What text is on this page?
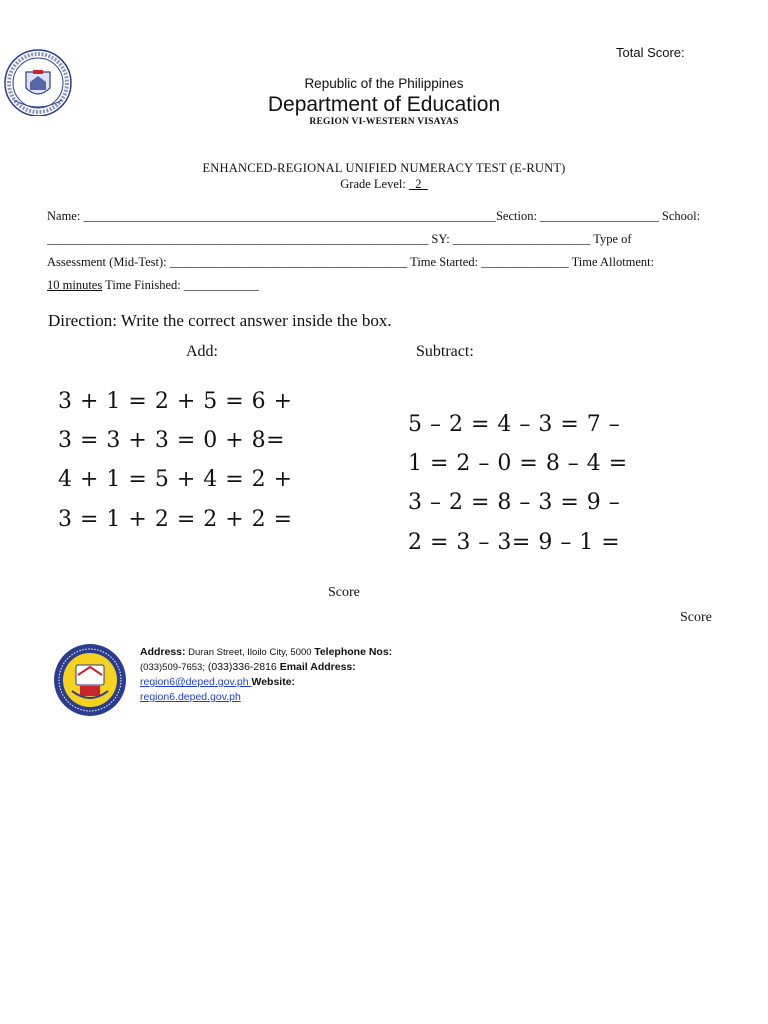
Total Score:
Republic of the Philippines
Department of Education
REGION VI-WESTERN VISAYAS
ENHANCED-REGIONAL UNIFIED NUMERACY TEST (E-RUNT)
Grade Level: _2_
Name: __________________________________________________________________Section: ___________________ School:
_____________________________________________________________ SY: ______________________ Type of
Assessment (Mid-Test): ______________________________________ Time Started: ______________ Time Allotment:
10 minutes Time Finished: ____________
Direction: Write the correct answer inside the box.
Add:	Subtract:
3 + 1 = 2 + 5 = 6 +
3 = 3 + 3 = 0 + 8=
4 + 1 = 5 + 4 = 2 +
3 = 1 + 2 = 2 + 2 =
5 – 2 = 4 – 3 = 7 –
1 = 2 – 0 = 8 – 4 =
3 – 2 = 8 – 3 = 9 –
2 = 3 – 3= 9 – 1 =
Score
Score
Address: Duran Street, Iloilo City, 5000 Telephone Nos:
(033)509-7653; (033)336-2816 Email Address:
region6@deped.gov.ph Website:
region6.deped.gov.ph
